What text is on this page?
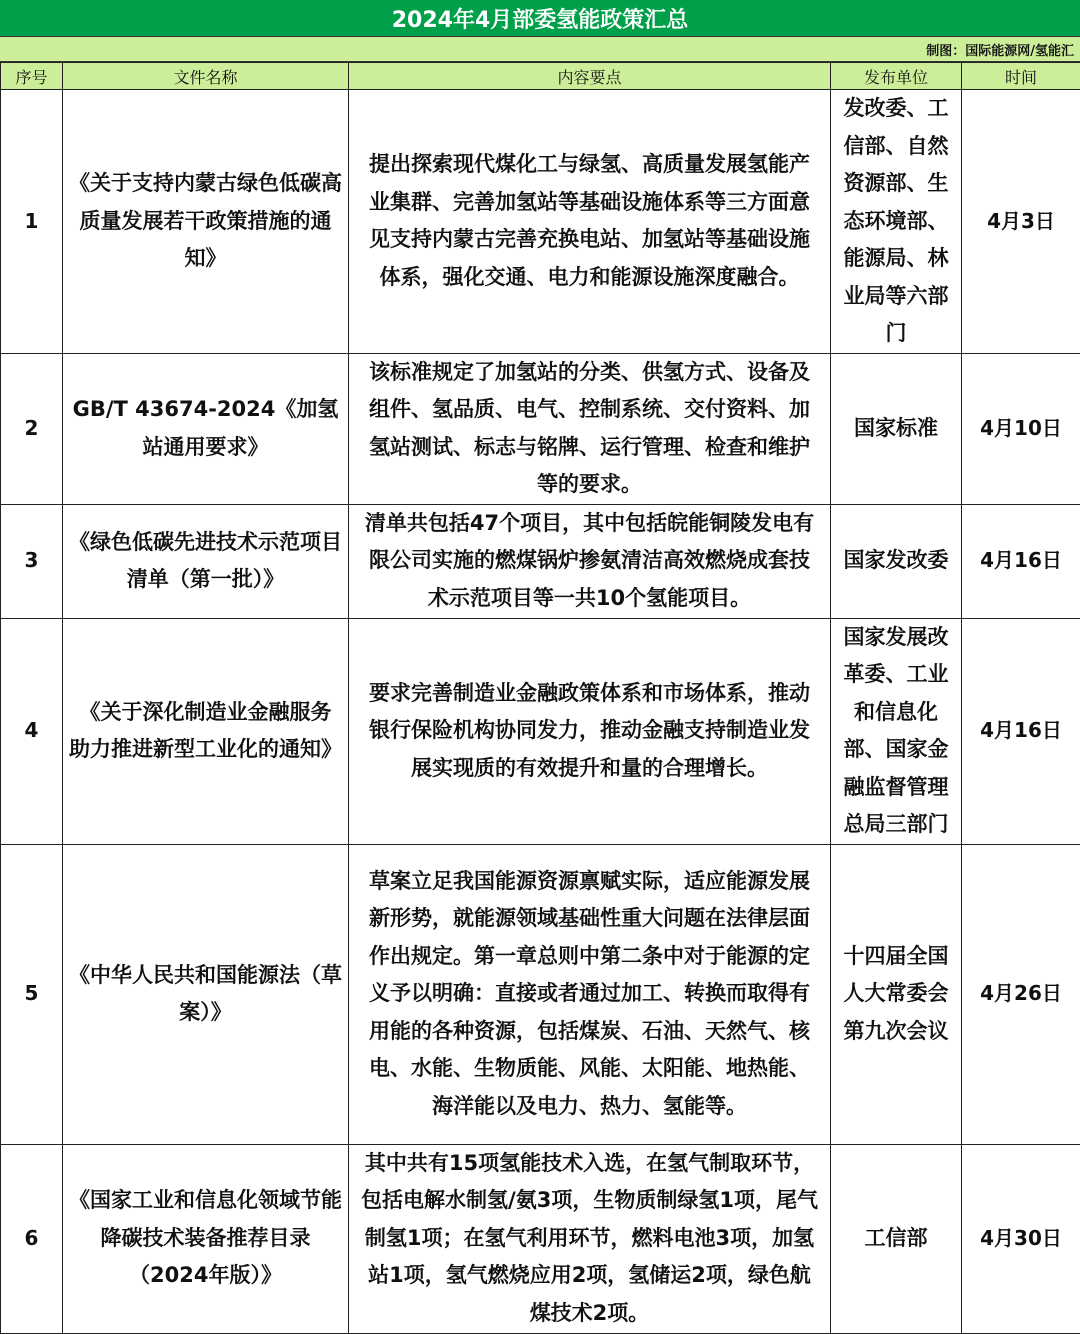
2024年4月部委氢能政策汇总
制图：国际能源网/氢能汇
序号	文件名称	内容要点	发布单位	时间
1	《关于支持内蒙古绿色低碳高质量发展若干政策措施的通知》	提出探索现代煤化工与绿氢、高质量发展氢能产业集群、完善加氢站等基础设施体系等三方面意见支持内蒙古完善充换电站、加氢站等基础设施体系，强化交通、电力和能源设施深度融合。	发改委、工信部、自然资源部、生态环境部、能源局、林业局等六部门	4月3日
2	GB/T 43674-2024《加氢站通用要求》	该标准规定了加氢站的分类、供氢方式、设备及组件、氢品质、电气、控制系统、交付资料、加氢站测试、标志与铭牌、运行管理、检查和维护等的要求。	国家标准	4月10日
3	《绿色低碳先进技术示范项目清单（第一批）》	清单共包括47个项目，其中包括皖能铜陵发电有限公司实施的燃煤锅炉掺氨清洁高效燃烧成套技术示范项目等一共10个氢能项目。	国家发改委	4月16日
4	《关于深化制造业金融服务 助力推进新型工业化的通知》	要求完善制造业金融政策体系和市场体系，推动银行保险机构协同发力，推动金融支持制造业发展实现质的有效提升和量的合理增长。	国家发展改革委、工业和信息化部、国家金融监督管理总局三部门	4月16日
5	《中华人民共和国能源法（草案）》	草案立足我国能源资源禀赋实际，适应能源发展新形势，就能源领域基础性重大问题在法律层面作出规定。第一章总则中第二条中对于能源的定义予以明确：直接或者通过加工、转换而取得有用能的各种资源，包括煤炭、石油、天然气、核电、水能、生物质能、风能、太阳能、地热能、海洋能以及电力、热力、氢能等。	十四届全国人大常委会第九次会议	4月26日
6	《国家工业和信息化领域节能降碳技术装备推荐目录（2024年版）》	其中共有15项氢能技术入选，在氢气制取环节，包括电解水制氢/氨3项，生物质制绿氢1项，尾气制氢1项；在氢气利用环节，燃料电池3项，加氢站1项，氢气燃烧应用2项，氢储运2项，绿色航煤技术2项。	工信部	4月30日
